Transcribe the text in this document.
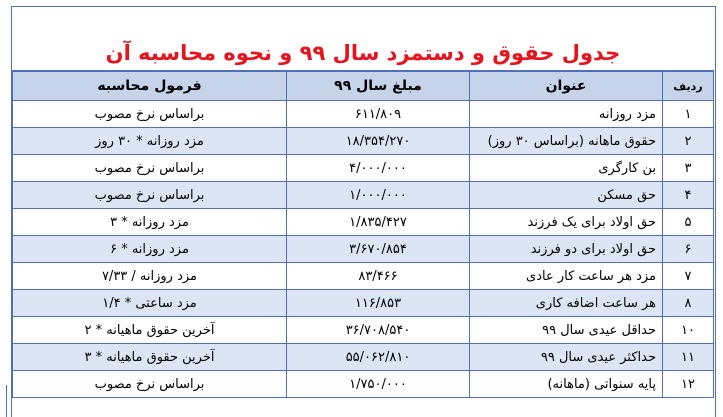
جدول حقوق و دستمزد سال ۹۹ و نحوه محاسبه آن
ردیف	عنوان	مبلغ سال ۹۹	فرمول محاسبه
۱	مزد روزانه	۶۱۱/۸۰۹	براساس نرخ مصوب
۲	حقوق ماهانه (براساس ۳۰ روز)	۱۸/۳۵۴/۲۷۰	مزد روزانه * ۳۰ روز
۳	بن کارگری	۴/۰۰۰/۰۰۰	براساس نرخ مصوب
۴	حق مسکن	۱/۰۰۰/۰۰۰	براساس نرخ مصوب
۵	حق اولاد برای یک فرزند	۱/۸۳۵/۴۲۷	مزد روزانه * ۳
۶	حق اولاد برای دو فرزند	۳/۶۷۰/۸۵۴	مزد روزانه * ۶
۷	مزد هر ساعت کار عادی	۸۳/۴۶۶	مزد روزانه / ۷/۳۳
۸	هر ساعت اضافه کاری	۱۱۶/۸۵۳	مزد ساعتی * ۱/۴
۱۰	حداقل عیدی سال ۹۹	۳۶/۷۰۸/۵۴۰	آخرین حقوق ماهیانه * ۲
۱۱	حداکثر عیدی سال ۹۹	۵۵/۰۶۲/۸۱۰	آخرین حقوق ماهیانه * ۳
۱۲	پایه سنواتی (ماهانه)	۱/۷۵۰/۰۰۰	براساس نرخ مصوب
